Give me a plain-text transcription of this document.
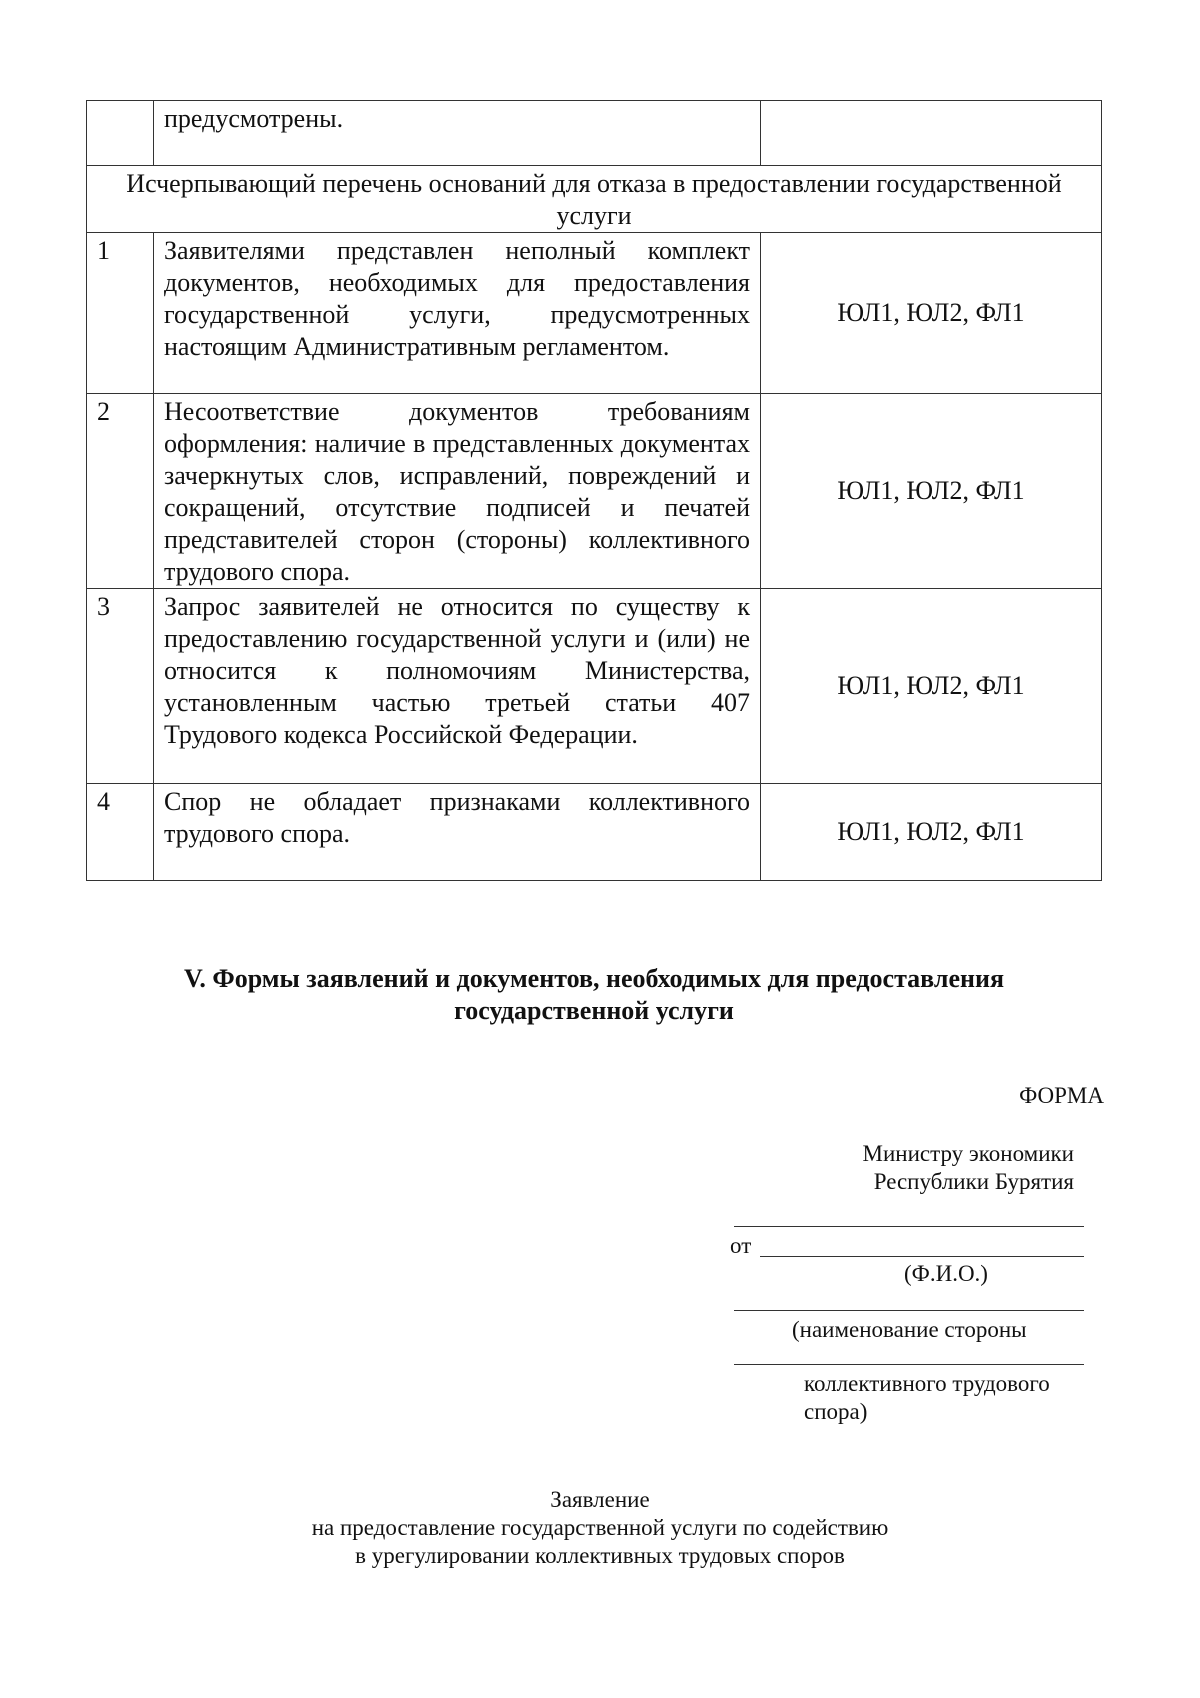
	предусмотрены.	
Исчерпывающий перечень оснований для отказа в предоставлении государственной услуги		
1	Заявителями представлен неполный комплект документов, необходимых для предоставления государственной услуги, предусмотренных настоящим Административным регламентом.	ЮЛ1, ЮЛ2, ФЛ1
2	Несоответствие документов требованиям оформления: наличие в представленных документах зачеркнутых слов, исправлений, повреждений и сокращений, отсутствие подписей и печатей представителей сторон (стороны) коллективного трудового спора.	ЮЛ1, ЮЛ2, ФЛ1
3	Запрос заявителей не относится по существу к предоставлению государственной услуги и (или) не относится к полномочиям Министерства, установленным частью третьей статьи 407 Трудового кодекса Российской Федерации.	ЮЛ1, ЮЛ2, ФЛ1
4	Спор не обладает признаками коллективного трудового спора.	ЮЛ1, ЮЛ2, ФЛ1
V. Формы заявлений и документов, необходимых для предоставления
государственной услуги
ФОРМА
Министру экономики
Республики Бурятия
от
(Ф.И.О.)
(наименование стороны
коллективного трудового
спора)
Заявление
на предоставление государственной услуги по содействию
в урегулировании коллективных трудовых споров
